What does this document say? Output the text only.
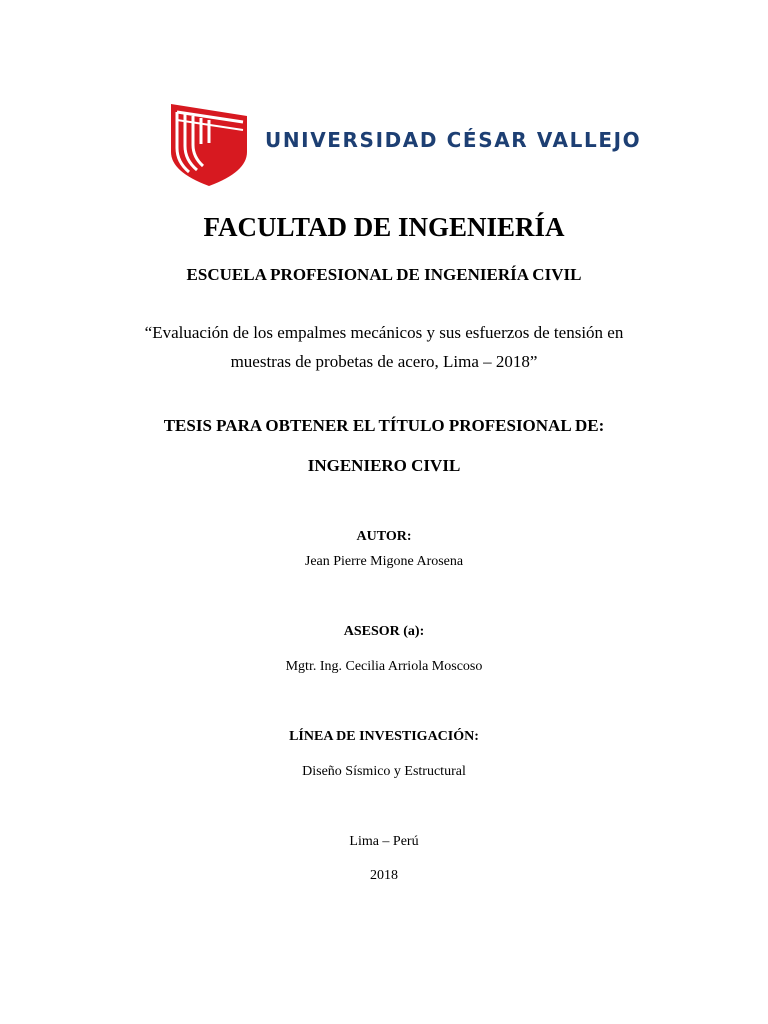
UNIVERSIDAD CÉSAR VALLEJO
FACULTAD DE INGENIERÍA
ESCUELA PROFESIONAL DE INGENIERÍA CIVIL
“Evaluación de los empalmes mecánicos y sus esfuerzos de tensión en
muestras de probetas de acero, Lima – 2018”
TESIS PARA OBTENER EL TÍTULO PROFESIONAL DE:
INGENIERO CIVIL
AUTOR:
Jean Pierre Migone Arosena
ASESOR (a):
Mgtr. Ing. Cecilia Arriola Moscoso
LÍNEA DE INVESTIGACIÓN:
Diseño Sísmico y Estructural
Lima – Perú
2018
